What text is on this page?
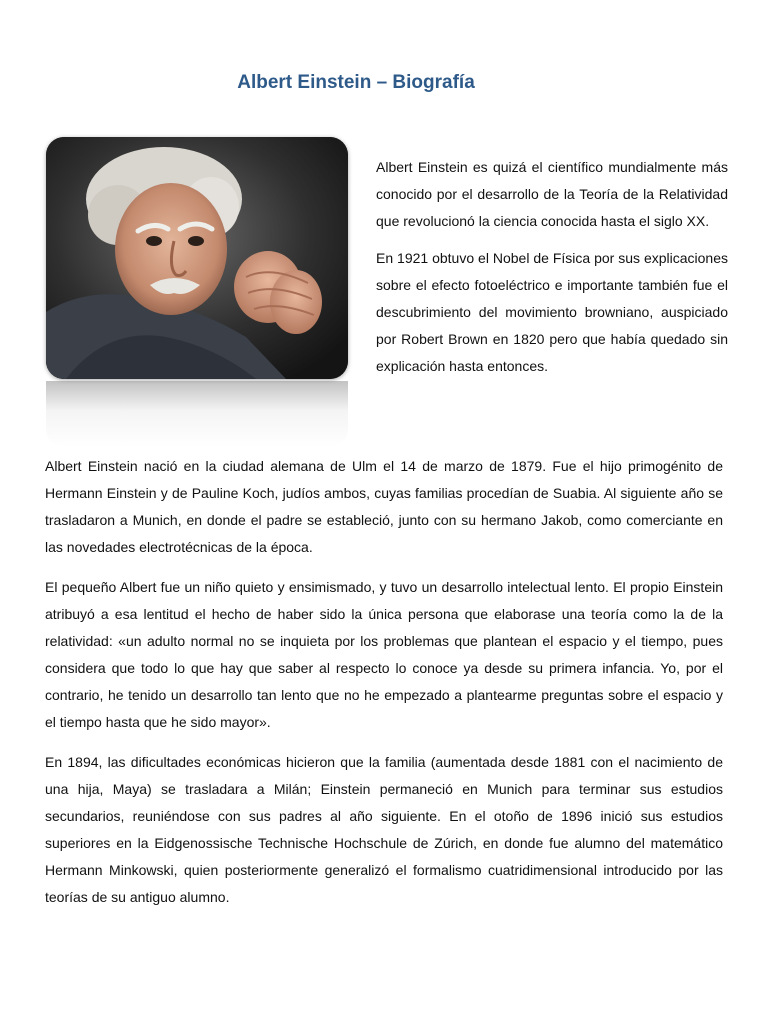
Albert Einstein – Biografía

Albert Einstein es quizá el científico mundialmente más conocido por el desarrollo de la Teoría de la Relatividad que revolucionó la ciencia conocida hasta el siglo XX.

En 1921 obtuvo el Nobel de Física por sus explicaciones sobre el efecto fotoeléctrico e importante también fue el descubrimiento del movimiento browniano, auspiciado por Robert Brown en 1820 pero que había quedado sin explicación hasta entonces.

Albert Einstein nació en la ciudad alemana de Ulm el 14 de marzo de 1879. Fue el hijo primogénito de Hermann Einstein y de Pauline Koch, judíos ambos, cuyas familias procedían de Suabia. Al siguiente año se trasladaron a Munich, en donde el padre se estableció, junto con su hermano Jakob, como comerciante en las novedades electrotécnicas de la época.

El pequeño Albert fue un niño quieto y ensimismado, y tuvo un desarrollo intelectual lento. El propio Einstein atribuyó a esa lentitud el hecho de haber sido la única persona que elaborase una teoría como la de la relatividad: «un adulto normal no se inquieta por los problemas que plantean el espacio y el tiempo, pues considera que todo lo que hay que saber al respecto lo conoce ya desde su primera infancia. Yo, por el contrario, he tenido un desarrollo tan lento que no he empezado a plantearme preguntas sobre el espacio y el tiempo hasta que he sido mayor».

En 1894, las dificultades económicas hicieron que la familia (aumentada desde 1881 con el nacimiento de una hija, Maya) se trasladara a Milán; Einstein permaneció en Munich para terminar sus estudios secundarios, reuniéndose con sus padres al año siguiente. En el otoño de 1896 inició sus estudios superiores en la Eidgenossische Technische Hochschule de Zúrich, en donde fue alumno del matemático Hermann Minkowski, quien posteriormente generalizó el formalismo cuatridimensional introducido por las teorías de su antiguo alumno.
